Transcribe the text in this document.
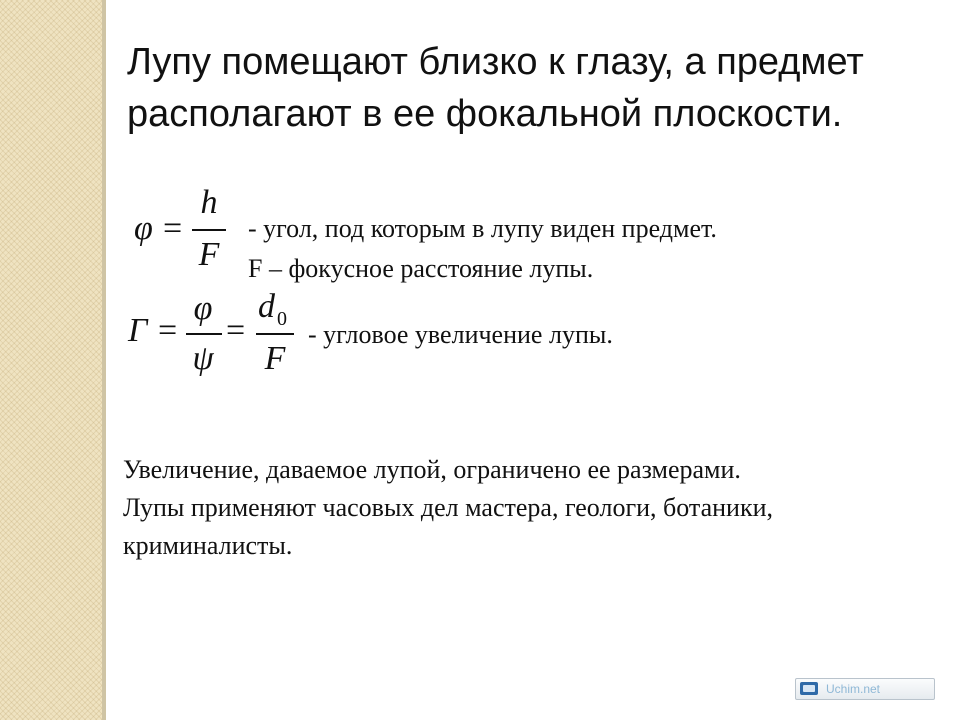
Лупу помещают близко к глазу, а предмет
располагают в ее фокальной плоскости.
φ =
h
F
- угол, под которым в лупу виден предмет.
F – фокусное расстояние лупы.
Г =
φ
ψ
=
d 0
F
- угловое увеличение лупы.
Увеличение, даваемое лупой, ограничено ее размерами.
Лупы применяют часовых дел мастера, геологи, ботаники,
криминалисты.
Uchim.net
